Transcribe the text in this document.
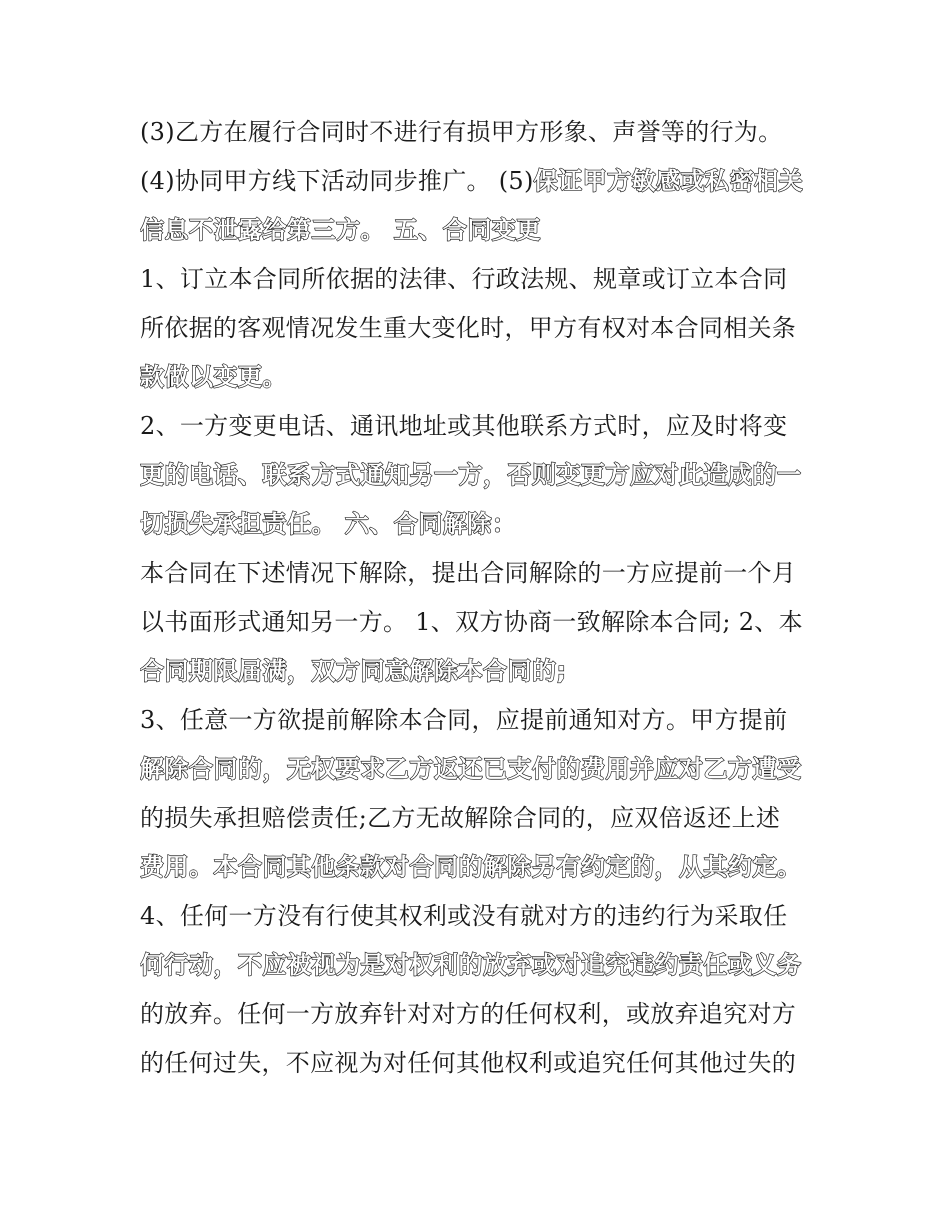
(3)乙方在履行合同时不进行有损甲方形象、声誉等的行为。
(4)协同甲方线下活动同步推广。 (5)保证甲方敏感或私密相关
信息不泄露给第三方。 五、合同变更
1、订立本合同所依据的法律、行政法规、规章或订立本合同
所依据的客观情况发生重大变化时，甲方有权对本合同相关条
款做以变更。
2、一方变更电话、通讯地址或其他联系方式时，应及时将变
更的电话、联系方式通知另一方，否则变更方应对此造成的一
切损失承担责任。 六、合同解除：
本合同在下述情况下解除，提出合同解除的一方应提前一个月
以书面形式通知另一方。 1、双方协商一致解除本合同; 2、本
合同期限届满，双方同意解除本合同的;
3、任意一方欲提前解除本合同，应提前通知对方。甲方提前
解除合同的，无权要求乙方返还已支付的费用并应对乙方遭受
的损失承担赔偿责任;乙方无故解除合同的，应双倍返还上述
费用。本合同其他条款对合同的解除另有约定的，从其约定。
4、任何一方没有行使其权利或没有就对方的违约行为采取任
何行动，不应被视为是对权利的放弃或对追究违约责任或义务
的放弃。任何一方放弃针对对方的任何权利，或放弃追究对方
的任何过失，不应视为对任何其他权利或追究任何其他过失的
